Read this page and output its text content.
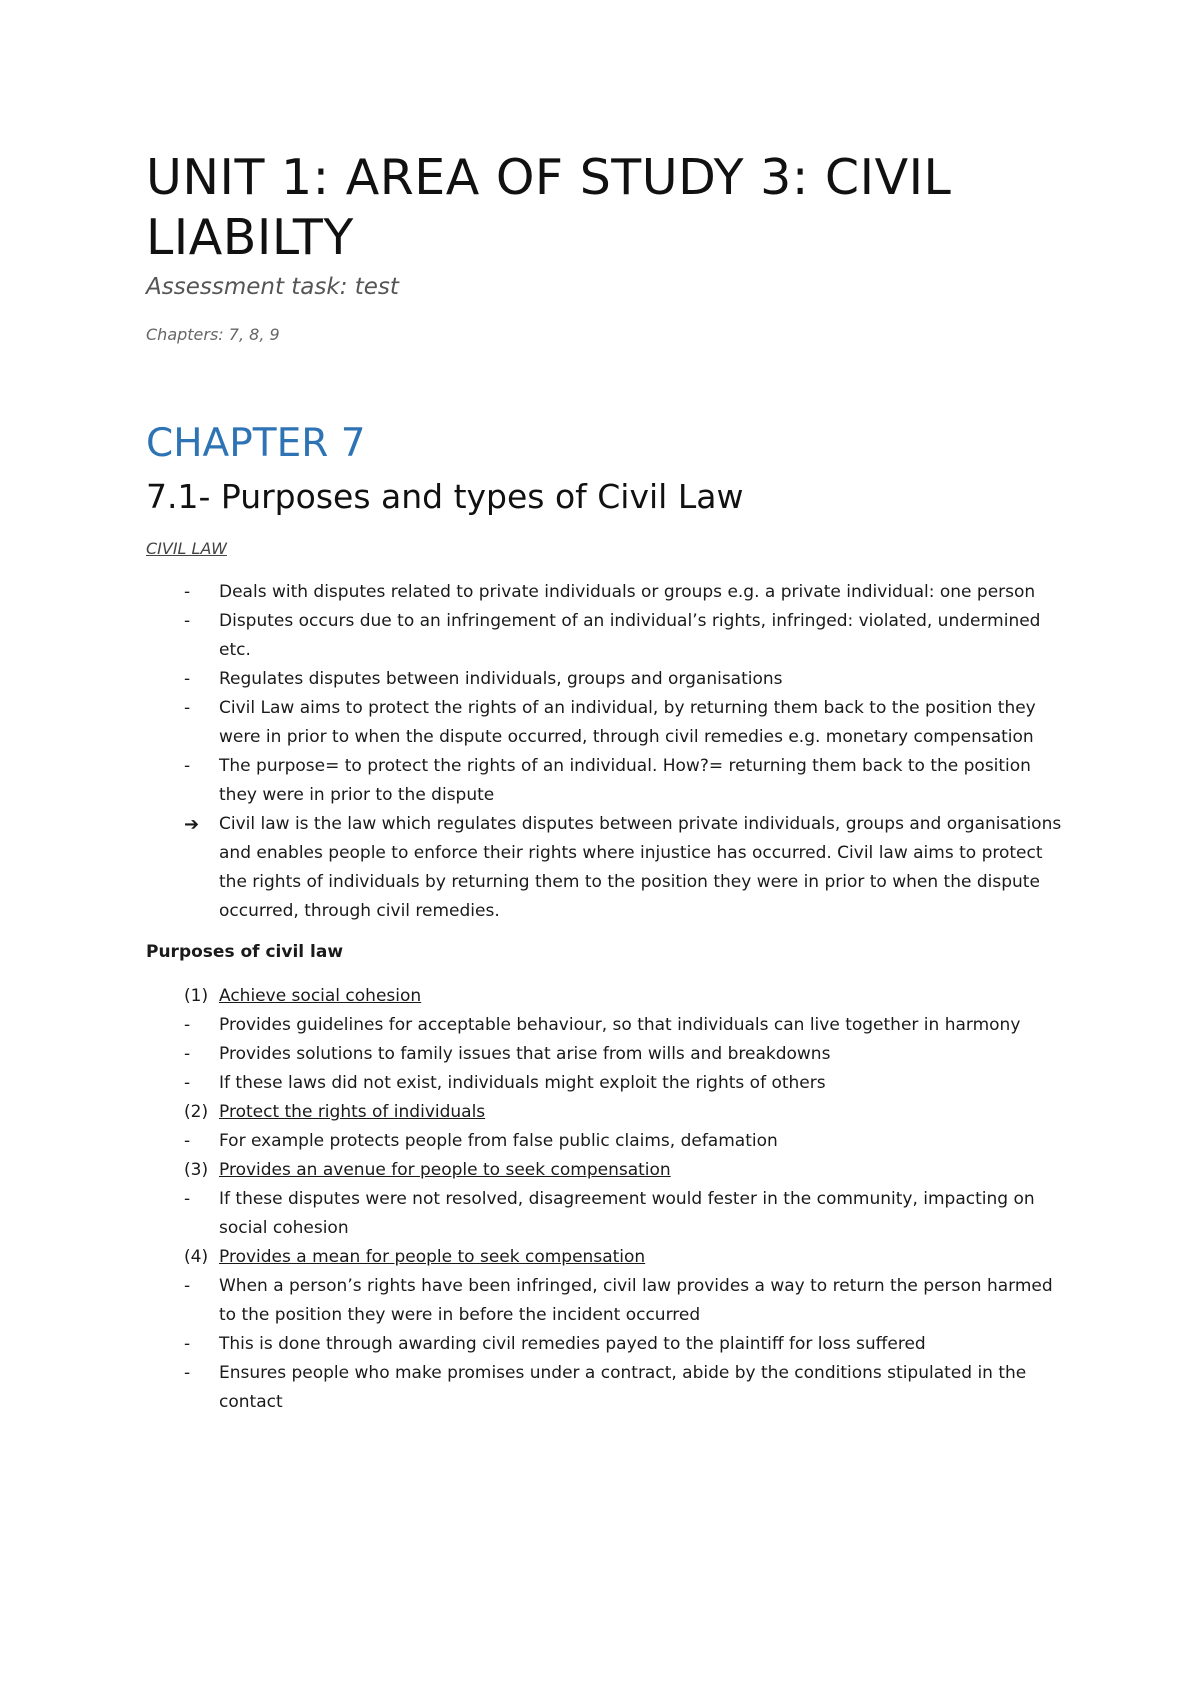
UNIT 1: AREA OF STUDY 3: CIVIL LIABILTY

Assessment task: test

Chapters: 7, 8, 9

CHAPTER 7
7.1- Purposes and types of Civil Law

CIVIL LAW

-	Deals with disputes related to private individuals or groups e.g. a private individual: one person
-	Disputes occurs due to an infringement of an individual’s rights, infringed: violated, undermined etc.
-	Regulates disputes between individuals, groups and organisations
-	Civil Law aims to protect the rights of an individual, by returning them back to the position they were in prior to when the dispute occurred, through civil remedies e.g. monetary compensation
-	The purpose= to protect the rights of an individual. How?= returning them back to the position they were in prior to the dispute
➔	Civil law is the law which regulates disputes between private individuals, groups and organisations and enables people to enforce their rights where injustice has occurred. Civil law aims to protect the rights of individuals by returning them to the position they were in prior to when the dispute occurred, through civil remedies.

Purposes of civil law

(1) Achieve social cohesion
-	Provides guidelines for acceptable behaviour, so that individuals can live together in harmony
-	Provides solutions to family issues that arise from wills and breakdowns
-	If these laws did not exist, individuals might exploit the rights of others
(2) Protect the rights of individuals
-	For example protects people from false public claims, defamation
(3) Provides an avenue for people to seek compensation
-	If these disputes were not resolved, disagreement would fester in the community, impacting on social cohesion
(4) Provides a mean for people to seek compensation
-	When a person’s rights have been infringed, civil law provides a way to return the person harmed to the position they were in before the incident occurred
-	This is done through awarding civil remedies payed to the plaintiff for loss suffered
-	Ensures people who make promises under a contract, abide by the conditions stipulated in the contact
